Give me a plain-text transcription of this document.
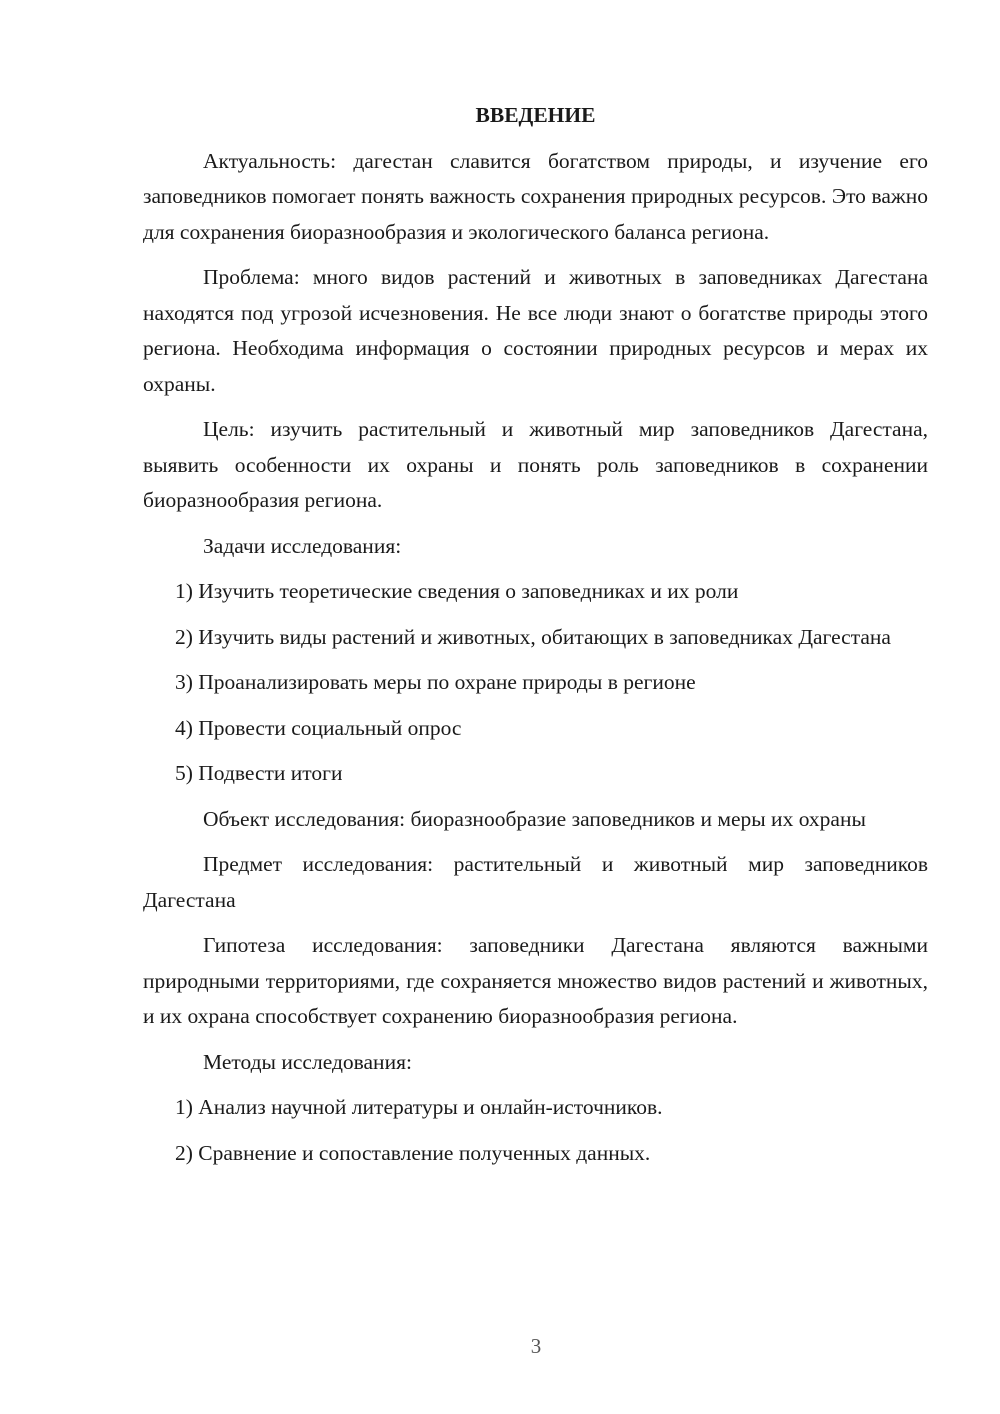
ВВЕДЕНИЕ

Актуальность: дагестан славится богатством природы, и изучение его заповедников помогает понять важность сохранения природных ресурсов. Это важно для сохранения биоразнообразия и экологического баланса региона.

Проблема: много видов растений и животных в заповедниках Дагестана находятся под угрозой исчезновения. Не все люди знают о богатстве природы этого региона. Необходима информация о состоянии природных ресурсов и мерах их охраны.

Цель: изучить растительный и животный мир заповедников Дагестана, выявить особенности их охраны и понять роль заповедников в сохранении биоразнообразия региона.

Задачи исследования:

1) Изучить теоретические сведения о заповедниках и их роли

2) Изучить виды растений и животных, обитающих в заповедниках Дагестана

3) Проанализировать меры по охране природы в регионе

4) Провести социальный опрос

5) Подвести итоги

Объект исследования: биоразнообразие заповедников и меры их охраны

Предмет исследования: растительный и животный мир заповедников Дагестана

Гипотеза исследования: заповедники Дагестана являются важными природными территориями, где сохраняется множество видов растений и животных, и их охрана способствует сохранению биоразнообразия региона.

Методы исследования:

1) Анализ научной литературы и онлайн-источников.

2) Сравнение и сопоставление полученных данных.

3
